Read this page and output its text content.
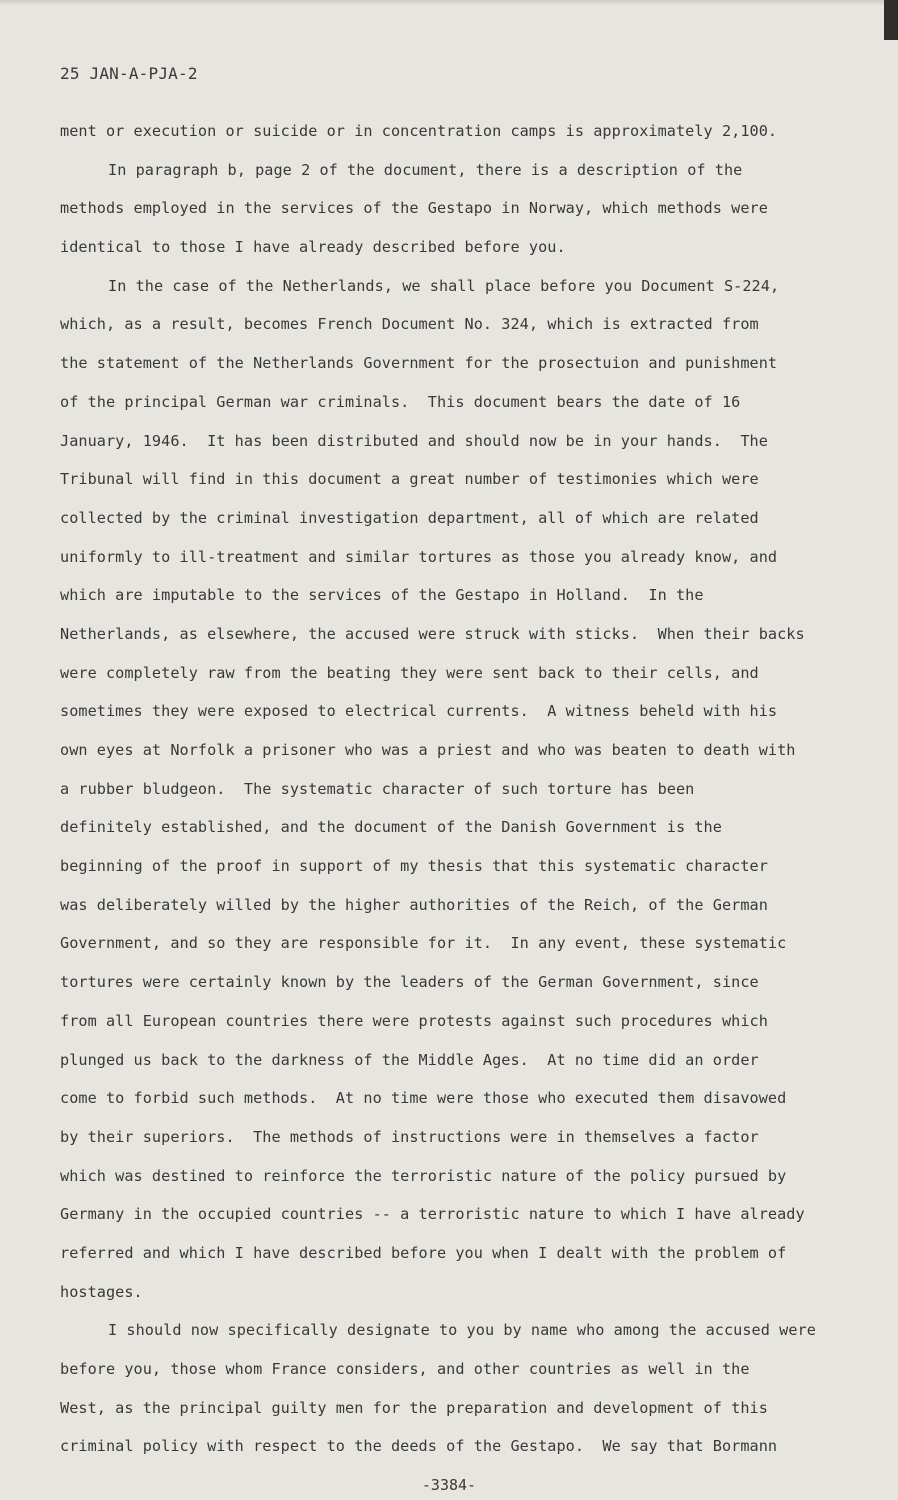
25 JAN-A-PJA-2
ment or execution or suicide or in concentration camps is approximately 2,100.
In paragraph b, page 2 of the document, there is a description of the
methods employed in the services of the Gestapo in Norway, which methods were
identical to those I have already described before you.
In the case of the Netherlands, we shall place before you Document S-224,
which, as a result, becomes French Document No. 324, which is extracted from
the statement of the Netherlands Government for the prosectuion and punishment
of the principal German war criminals.  This document bears the date of 16
January, 1946.  It has been distributed and should now be in your hands.  The
Tribunal will find in this document a great number of testimonies which were
collected by the criminal investigation department, all of which are related
uniformly to ill-treatment and similar tortures as those you already know, and
which are imputable to the services of the Gestapo in Holland.  In the
Netherlands, as elsewhere, the accused were struck with sticks.  When their backs
were completely raw from the beating they were sent back to their cells, and
sometimes they were exposed to electrical currents.  A witness beheld with his
own eyes at Norfolk a prisoner who was a priest and who was beaten to death with
a rubber bludgeon.  The systematic character of such torture has been
definitely established, and the document of the Danish Government is the
beginning of the proof in support of my thesis that this systematic character
was deliberately willed by the higher authorities of the Reich, of the German
Government, and so they are responsible for it.  In any event, these systematic
tortures were certainly known by the leaders of the German Government, since
from all European countries there were protests against such procedures which
plunged us back to the darkness of the Middle Ages.  At no time did an order
come to forbid such methods.  At no time were those who executed them disavowed
by their superiors.  The methods of instructions were in themselves a factor
which was destined to reinforce the terroristic nature of the policy pursued by
Germany in the occupied countries -- a terroristic nature to which I have already
referred and which I have described before you when I dealt with the problem of
hostages.
I should now specifically designate to you by name who among the accused were
before you, those whom France considers, and other countries as well in the
West, as the principal guilty men for the preparation and development of this
criminal policy with respect to the deeds of the Gestapo.  We say that Bormann
-3384-
